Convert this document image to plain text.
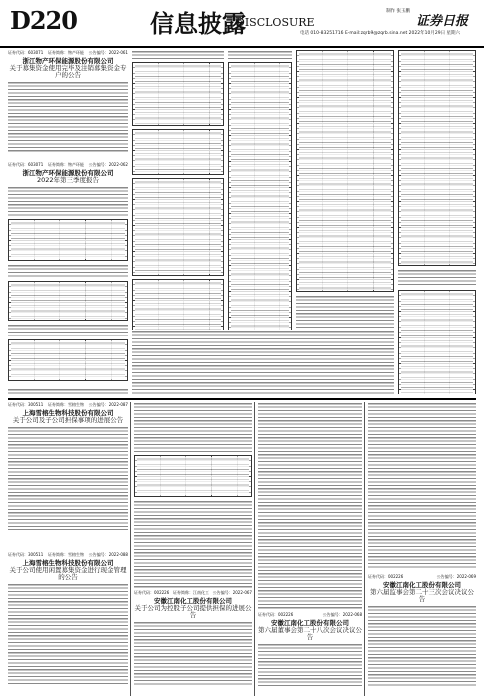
D220	信息披露
DISCLOSURE
制作 张玉鹏
证券日报
电话 010-83251716 E-mail:zqrb9@zqrb.sina.net 2022年10月29日 星期六
证券代码：603071 证券简称：物产环能 公告编号：2022-061
浙江物产环保能源股份有限公司
关于募集资金使用完毕及注销募集资金专户的公告
证券代码：603071 证券简称：物产环能 公告编号：2022-062
浙江物产环保能源股份有限公司
2022年第三季度报告
证券代码：300511 证券简称：雪榕生物 公告编号：2022-087
上海雪榕生物科技股份有限公司
关于公司及子公司担保事项的进展公告
证券代码：300511 证券简称：雪榕生物 公告编号：2022-088
上海雪榕生物科技股份有限公司
关于公司使用闲置募集资金进行现金管理的公告
证券代码：002226 证券简称：江南化工 公告编号：2022-067
安徽江南化工股份有限公司
关于公司为控股子公司提供担保的进展公告	证券代码：002226	公告编号：2022-068
安徽江南化工股份有限公司
第六届董事会第二十八次会议决议公告
证券代码：002226	公告编号：2022-069
安徽江南化工股份有限公司
第六届监事会第二十三次会议决议公告
